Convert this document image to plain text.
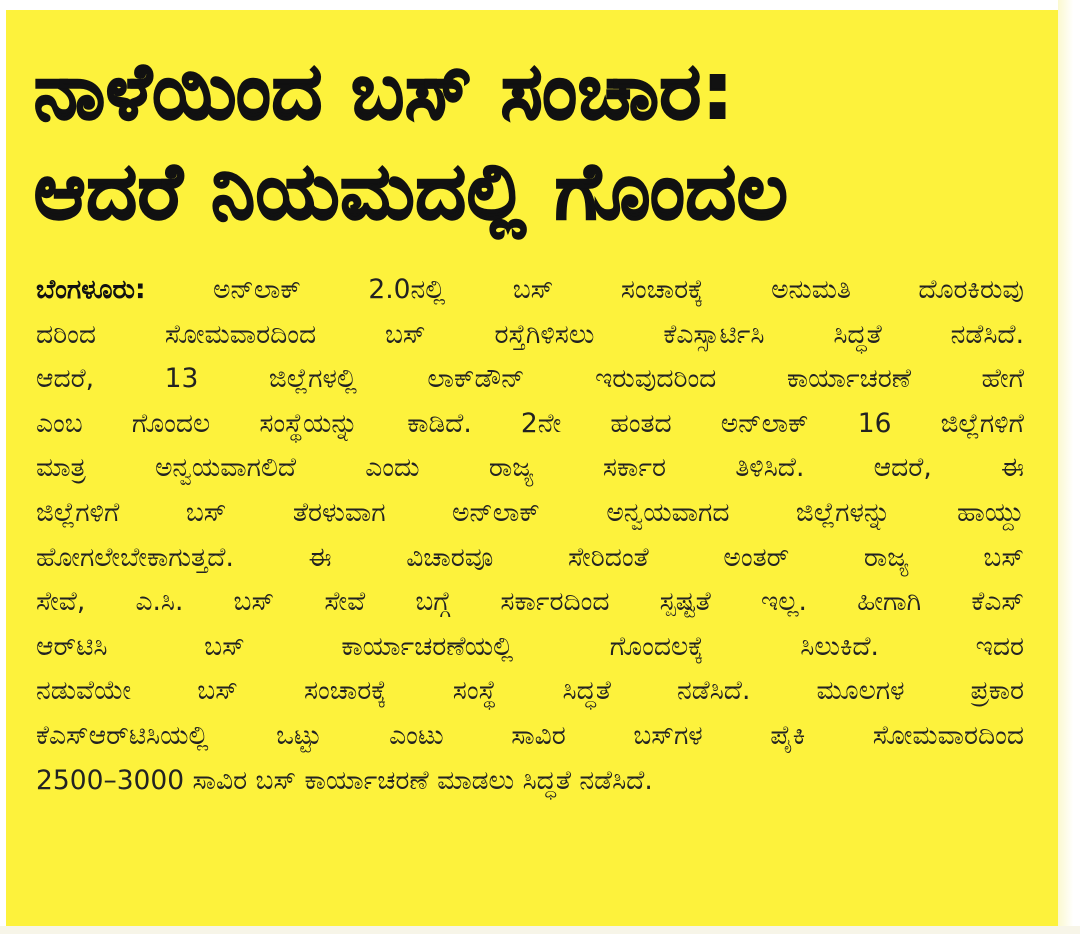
ನಾಳೆಯಿಂದ ಬಸ್ ಸಂಚಾರ:
ಆದರೆ ನಿಯಮದಲ್ಲಿ ಗೊಂದಲ
ಬೆಂಗಳೂರು: ಅನ್‌ಲಾಕ್ 2.0ನಲ್ಲಿ ಬಸ್ ಸಂಚಾರಕ್ಕೆ ಅನುಮತಿ ದೊರಕಿರುವು
ದರಿಂದ ಸೋಮವಾರದಿಂದ ಬಸ್ ರಸ್ತೆಗಿಳಿಸಲು ಕೆಎಸ್ಸಾರ್ಟಿಸಿ ಸಿದ್ಧತೆ ನಡೆಸಿದೆ.
ಆದರೆ, 13 ಜಿಲ್ಲೆಗಳಲ್ಲಿ ಲಾಕ್‌ಡೌನ್ ಇರುವುದರಿಂದ ಕಾರ್ಯಾಚರಣೆ ಹೇಗೆ
ಎಂಬ ಗೊಂದಲ ಸಂಸ್ಥೆಯನ್ನು ಕಾಡಿದೆ. 2ನೇ ಹಂತದ ಅನ್‌ಲಾಕ್ 16 ಜಿಲ್ಲೆಗಳಿಗೆ
ಮಾತ್ರ ಅನ್ವಯವಾಗಲಿದೆ ಎಂದು ರಾಜ್ಯ ಸರ್ಕಾರ ತಿಳಿಸಿದೆ. ಆದರೆ, ಈ
ಜಿಲ್ಲೆಗಳಿಗೆ ಬಸ್ ತೆರಳುವಾಗ ಅನ್‌ಲಾಕ್ ಅನ್ವಯವಾಗದ ಜಿಲ್ಲೆಗಳನ್ನು ಹಾಯ್ದು
ಹೋಗಲೇಬೇಕಾಗುತ್ತದೆ. ಈ ವಿಚಾರವೂ ಸೇರಿದಂತೆ ಅಂತರ್ ರಾಜ್ಯ ಬಸ್
ಸೇವೆ, ಎ.ಸಿ. ಬಸ್ ಸೇವೆ ಬಗ್ಗೆ ಸರ್ಕಾರದಿಂದ ಸ್ಪಷ್ಟತೆ ಇಲ್ಲ. ಹೀಗಾಗಿ ಕೆಎಸ್
ಆರ್‌ಟಿಸಿ ಬಸ್ ಕಾರ್ಯಾಚರಣೆಯಲ್ಲಿ ಗೊಂದಲಕ್ಕೆ ಸಿಲುಕಿದೆ. ಇದರ
ನಡುವೆಯೇ ಬಸ್ ಸಂಚಾರಕ್ಕೆ ಸಂಸ್ಥೆ ಸಿದ್ಧತೆ ನಡೆಸಿದೆ. ಮೂಲಗಳ ಪ್ರಕಾರ
ಕೆಎಸ್‌ಆರ್‌ಟಿಸಿಯಲ್ಲಿ ಒಟ್ಟು ಎಂಟು ಸಾವಿರ ಬಸ್‌ಗಳ ಪೈಕಿ ಸೋಮವಾರದಿಂದ
2500–3000 ಸಾವಿರ ಬಸ್ ಕಾರ್ಯಾಚರಣೆ ಮಾಡಲು ಸಿದ್ಧತೆ ನಡೆಸಿದೆ.
